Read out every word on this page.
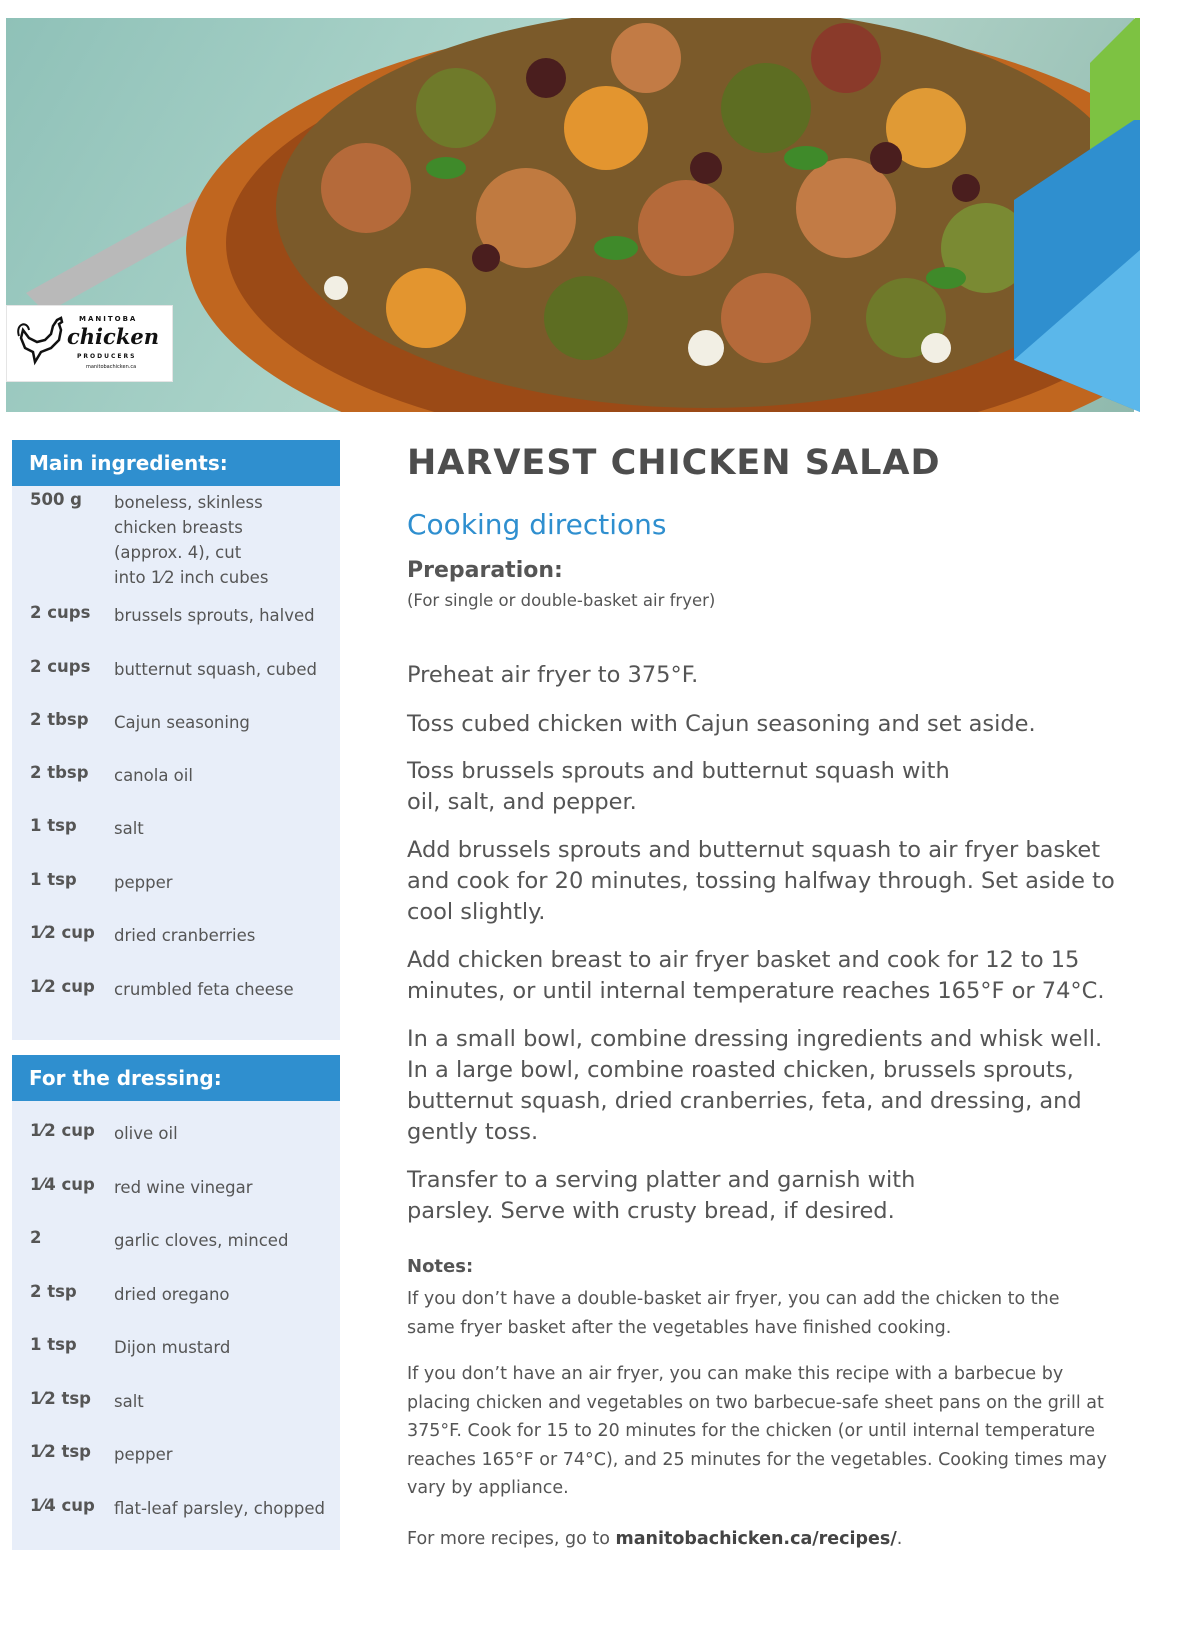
MANITOBA
chicken
PRODUCERS
manitobachicken.ca
Main ingredients:
500 g boneless, skinless chicken breasts (approx. 4), cut into 1⁄2 inch cubes
2 cups brussels sprouts, halved
2 cups butternut squash, cubed
2 tbsp Cajun seasoning
2 tbsp canola oil
1 tsp salt
1 tsp pepper
1⁄2 cup dried cranberries
1⁄2 cup crumbled feta cheese
For the dressing:
1⁄2 cup olive oil
1⁄4 cup red wine vinegar
2	garlic cloves, minced
2 tsp dried oregano
1 tsp Dijon mustard
1⁄2 tsp salt
1⁄2 tsp pepper
1⁄4 cup flat-leaf parsley, chopped
HARVEST CHICKEN SALAD
Cooking directions
Preparation:
(For single or double-basket air fryer)
Preheat air fryer to 375°F.
Toss cubed chicken with Cajun seasoning and set aside.
Toss brussels sprouts and butternut squash with oil, salt, and pepper.
Add brussels sprouts and butternut squash to air fryer basket and cook for 20 minutes, tossing halfway through. Set aside to cool slightly.
Add chicken breast to air fryer basket and cook for 12 to 15 minutes, or until internal temperature reaches 165°F or 74°C.
In a small bowl, combine dressing ingredients and whisk well. In a large bowl, combine roasted chicken, brussels sprouts, butternut squash, dried cranberries, feta, and dressing, and gently toss.
Transfer to a serving platter and garnish with parsley. Serve with crusty bread, if desired.
Notes:
If you don’t have a double-basket air fryer, you can add the chicken to the same fryer basket after the vegetables have finished cooking.
If you don’t have an air fryer, you can make this recipe with a barbecue by placing chicken and vegetables on two barbecue-safe sheet pans on the grill at 375°F. Cook for 15 to 20 minutes for the chicken (or until internal temperature reaches 165°F or 74°C), and 25 minutes for the vegetables. Cooking times may vary by appliance.
For more recipes, go to manitobachicken.ca/recipes/.
